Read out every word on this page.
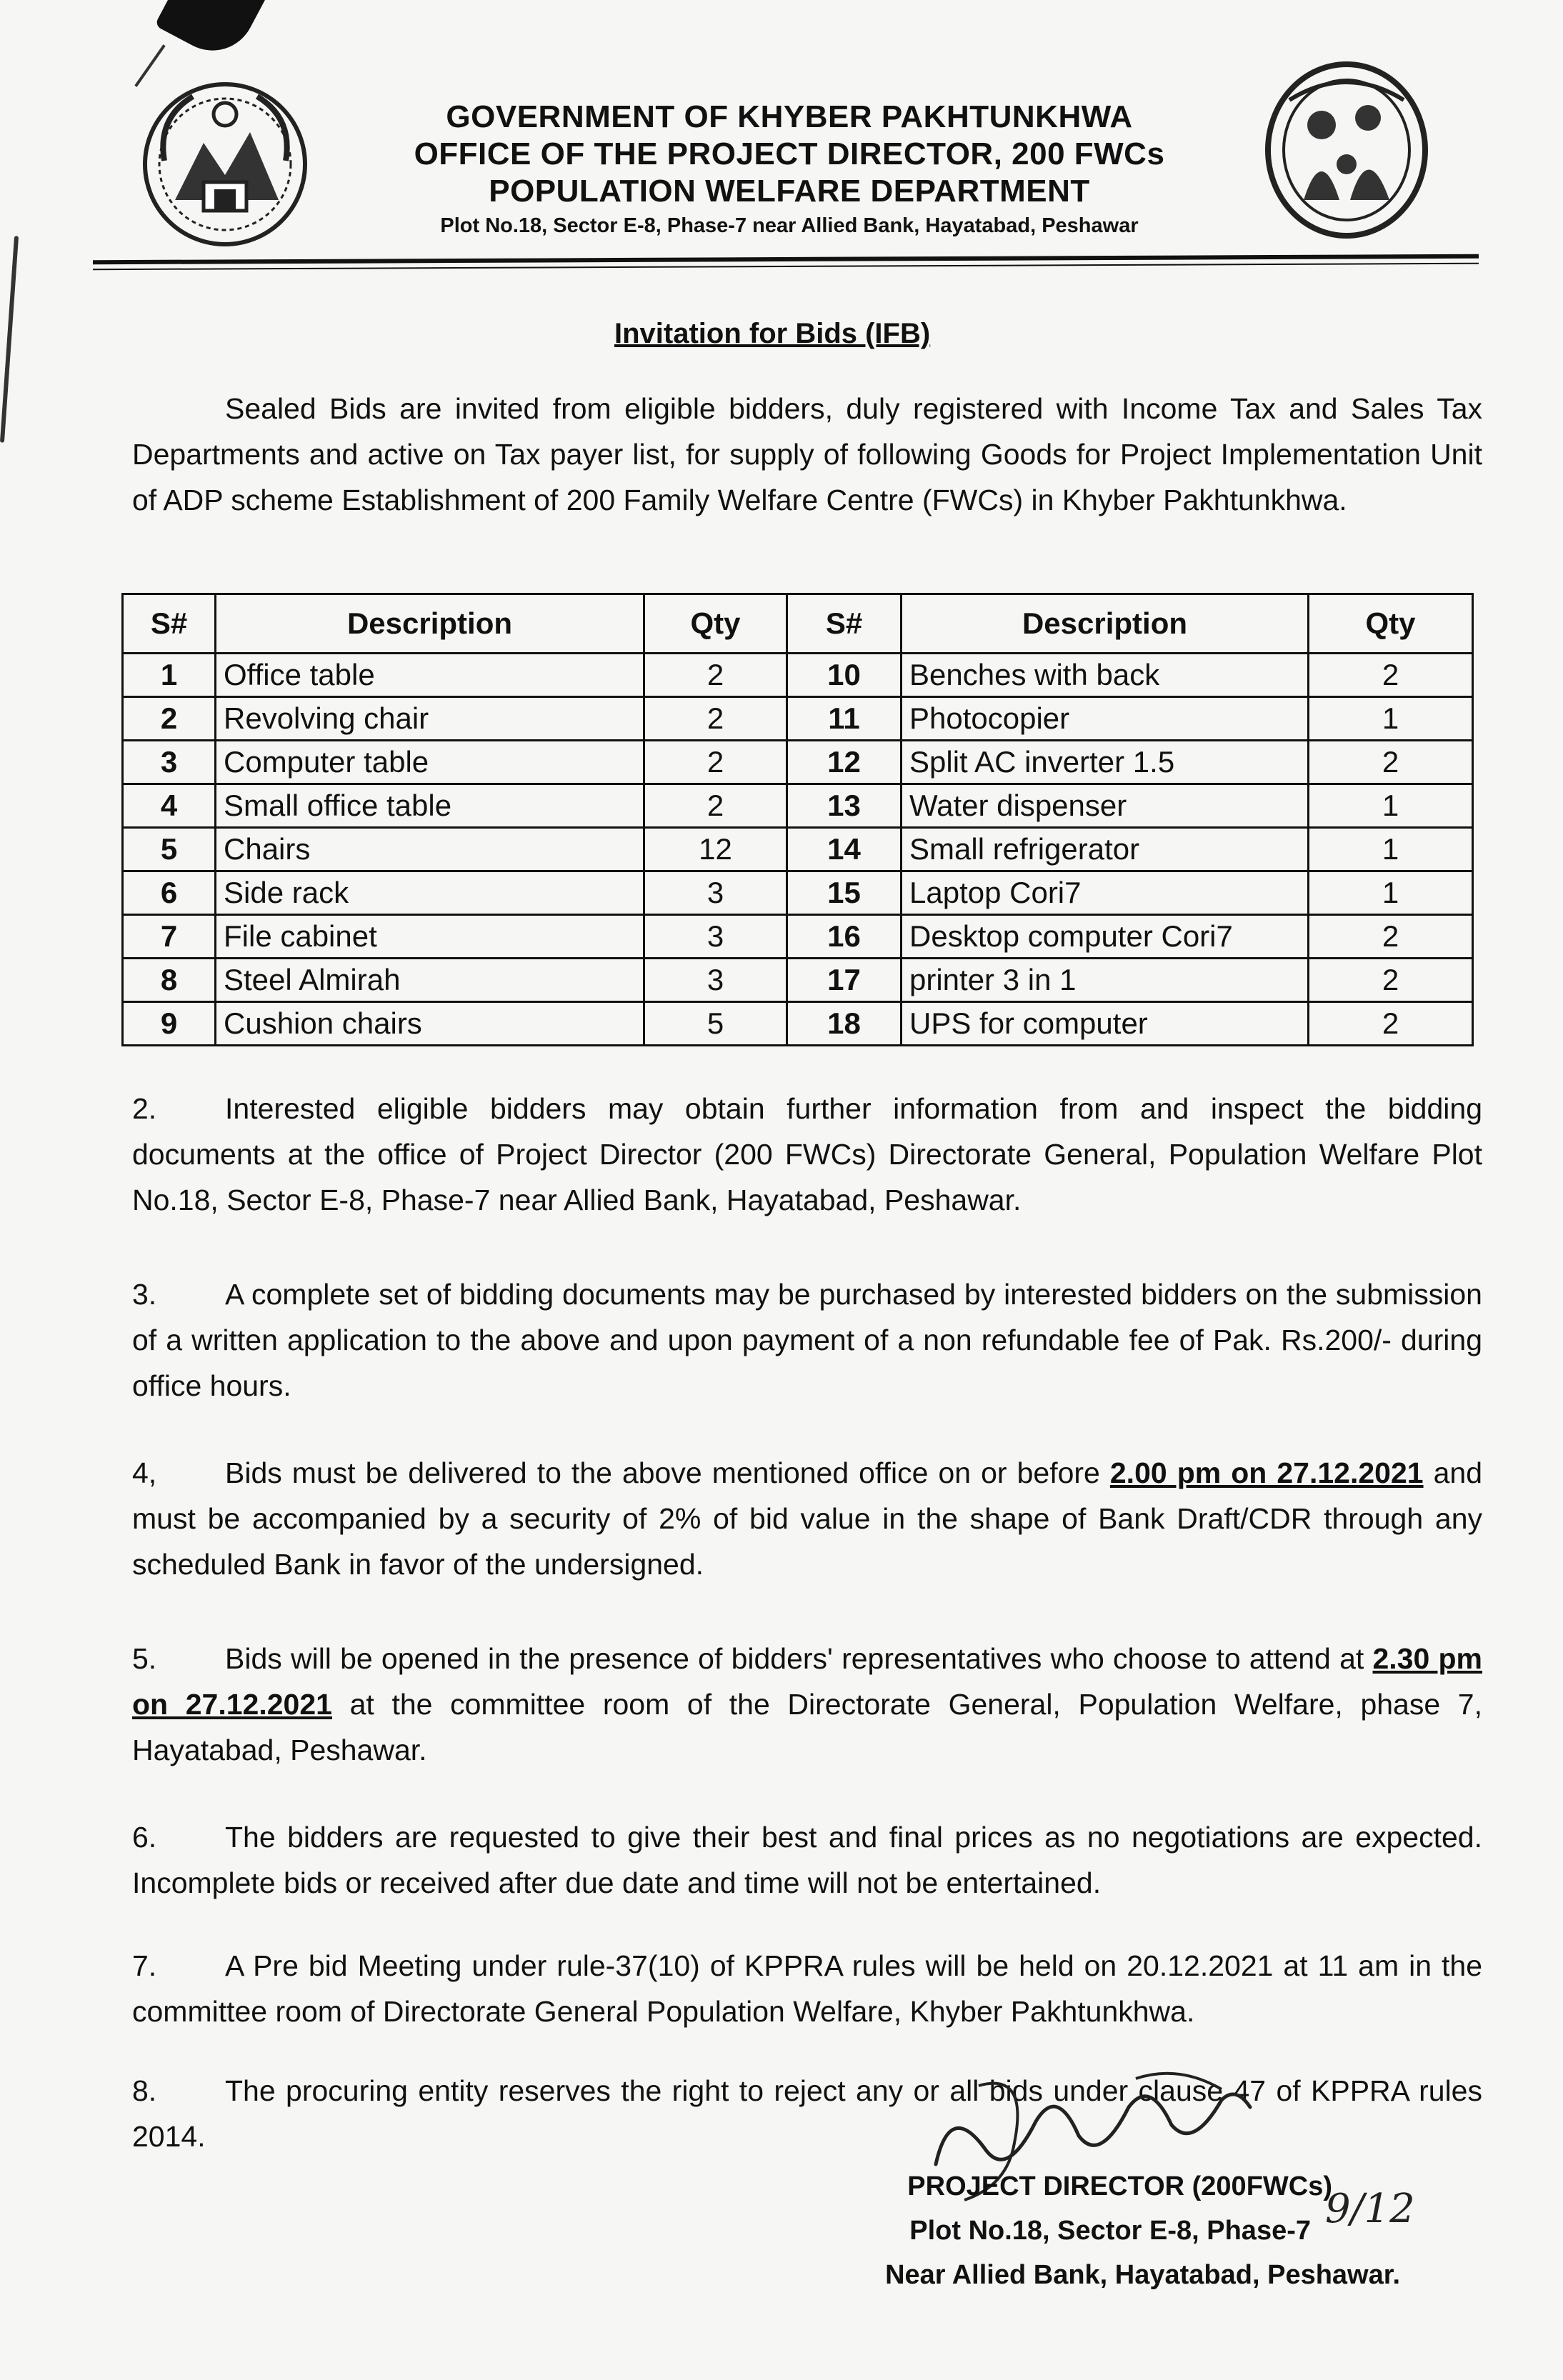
GOVERNMENT OF KHYBER PAKHTUNKHWA
OFFICE OF THE PROJECT DIRECTOR, 200 FWCs
POPULATION WELFARE DEPARTMENT
Plot No.18, Sector E-8, Phase-7 near Allied Bank, Hayatabad, Peshawar
Invitation for Bids (IFB)
Sealed Bids are invited from eligible bidders, duly registered with Income Tax and Sales Tax Departments and active on Tax payer list, for supply of following Goods for Project Implementation Unit of ADP scheme Establishment of 200 Family Welfare Centre (FWCs) in Khyber Pakhtunkhwa.
S#	Description	Qty	S#	Description	Qty
1	Office table	2	10	Benches with back	2
2	Revolving chair	2	11	Photocopier	1
3	Computer table	2	12	Split AC inverter 1.5	2
4	Small office table	2	13	Water dispenser	1
5	Chairs	12	14	Small refrigerator	1
6	Side rack	3	15	Laptop Cori7	1
7	File cabinet	3	16	Desktop computer Cori7	2
8	Steel Almirah	3	17	printer 3 in 1	2
9	Cushion chairs	5	18	UPS for computer	2
2. Interested eligible bidders may obtain further information from and inspect the bidding documents at the office of Project Director (200 FWCs) Directorate General, Population Welfare Plot No.18, Sector E-8, Phase-7 near Allied Bank, Hayatabad, Peshawar.
3. A complete set of bidding documents may be purchased by interested bidders on the submission of a written application to the above and upon payment of a non refundable fee of Pak. Rs.200/- during office hours.
4, Bids must be delivered to the above mentioned office on or before 2.00 pm on 27.12.2021 and must be accompanied by a security of 2% of bid value in the shape of Bank Draft/CDR through any scheduled Bank in favor of the undersigned.
5. Bids will be opened in the presence of bidders' representatives who choose to attend at 2.30 pm on 27.12.2021 at the committee room of the Directorate General, Population Welfare, phase 7, Hayatabad, Peshawar.
6. The bidders are requested to give their best and final prices as no negotiations are expected. Incomplete bids or received after due date and time will not be entertained.
7. A Pre bid Meeting under rule-37(10) of KPPRA rules will be held on 20.12.2021 at 11 am in the committee room of Directorate General Population Welfare, Khyber Pakhtunkhwa.
8. The procuring entity reserves the right to reject any or all bids under clause 47 of KPPRA rules 2014.
PROJECT DIRECTOR (200FWCs)
Plot No.18, Sector E-8, Phase-7
Near Allied Bank, Hayatabad, Peshawar.
9/12
